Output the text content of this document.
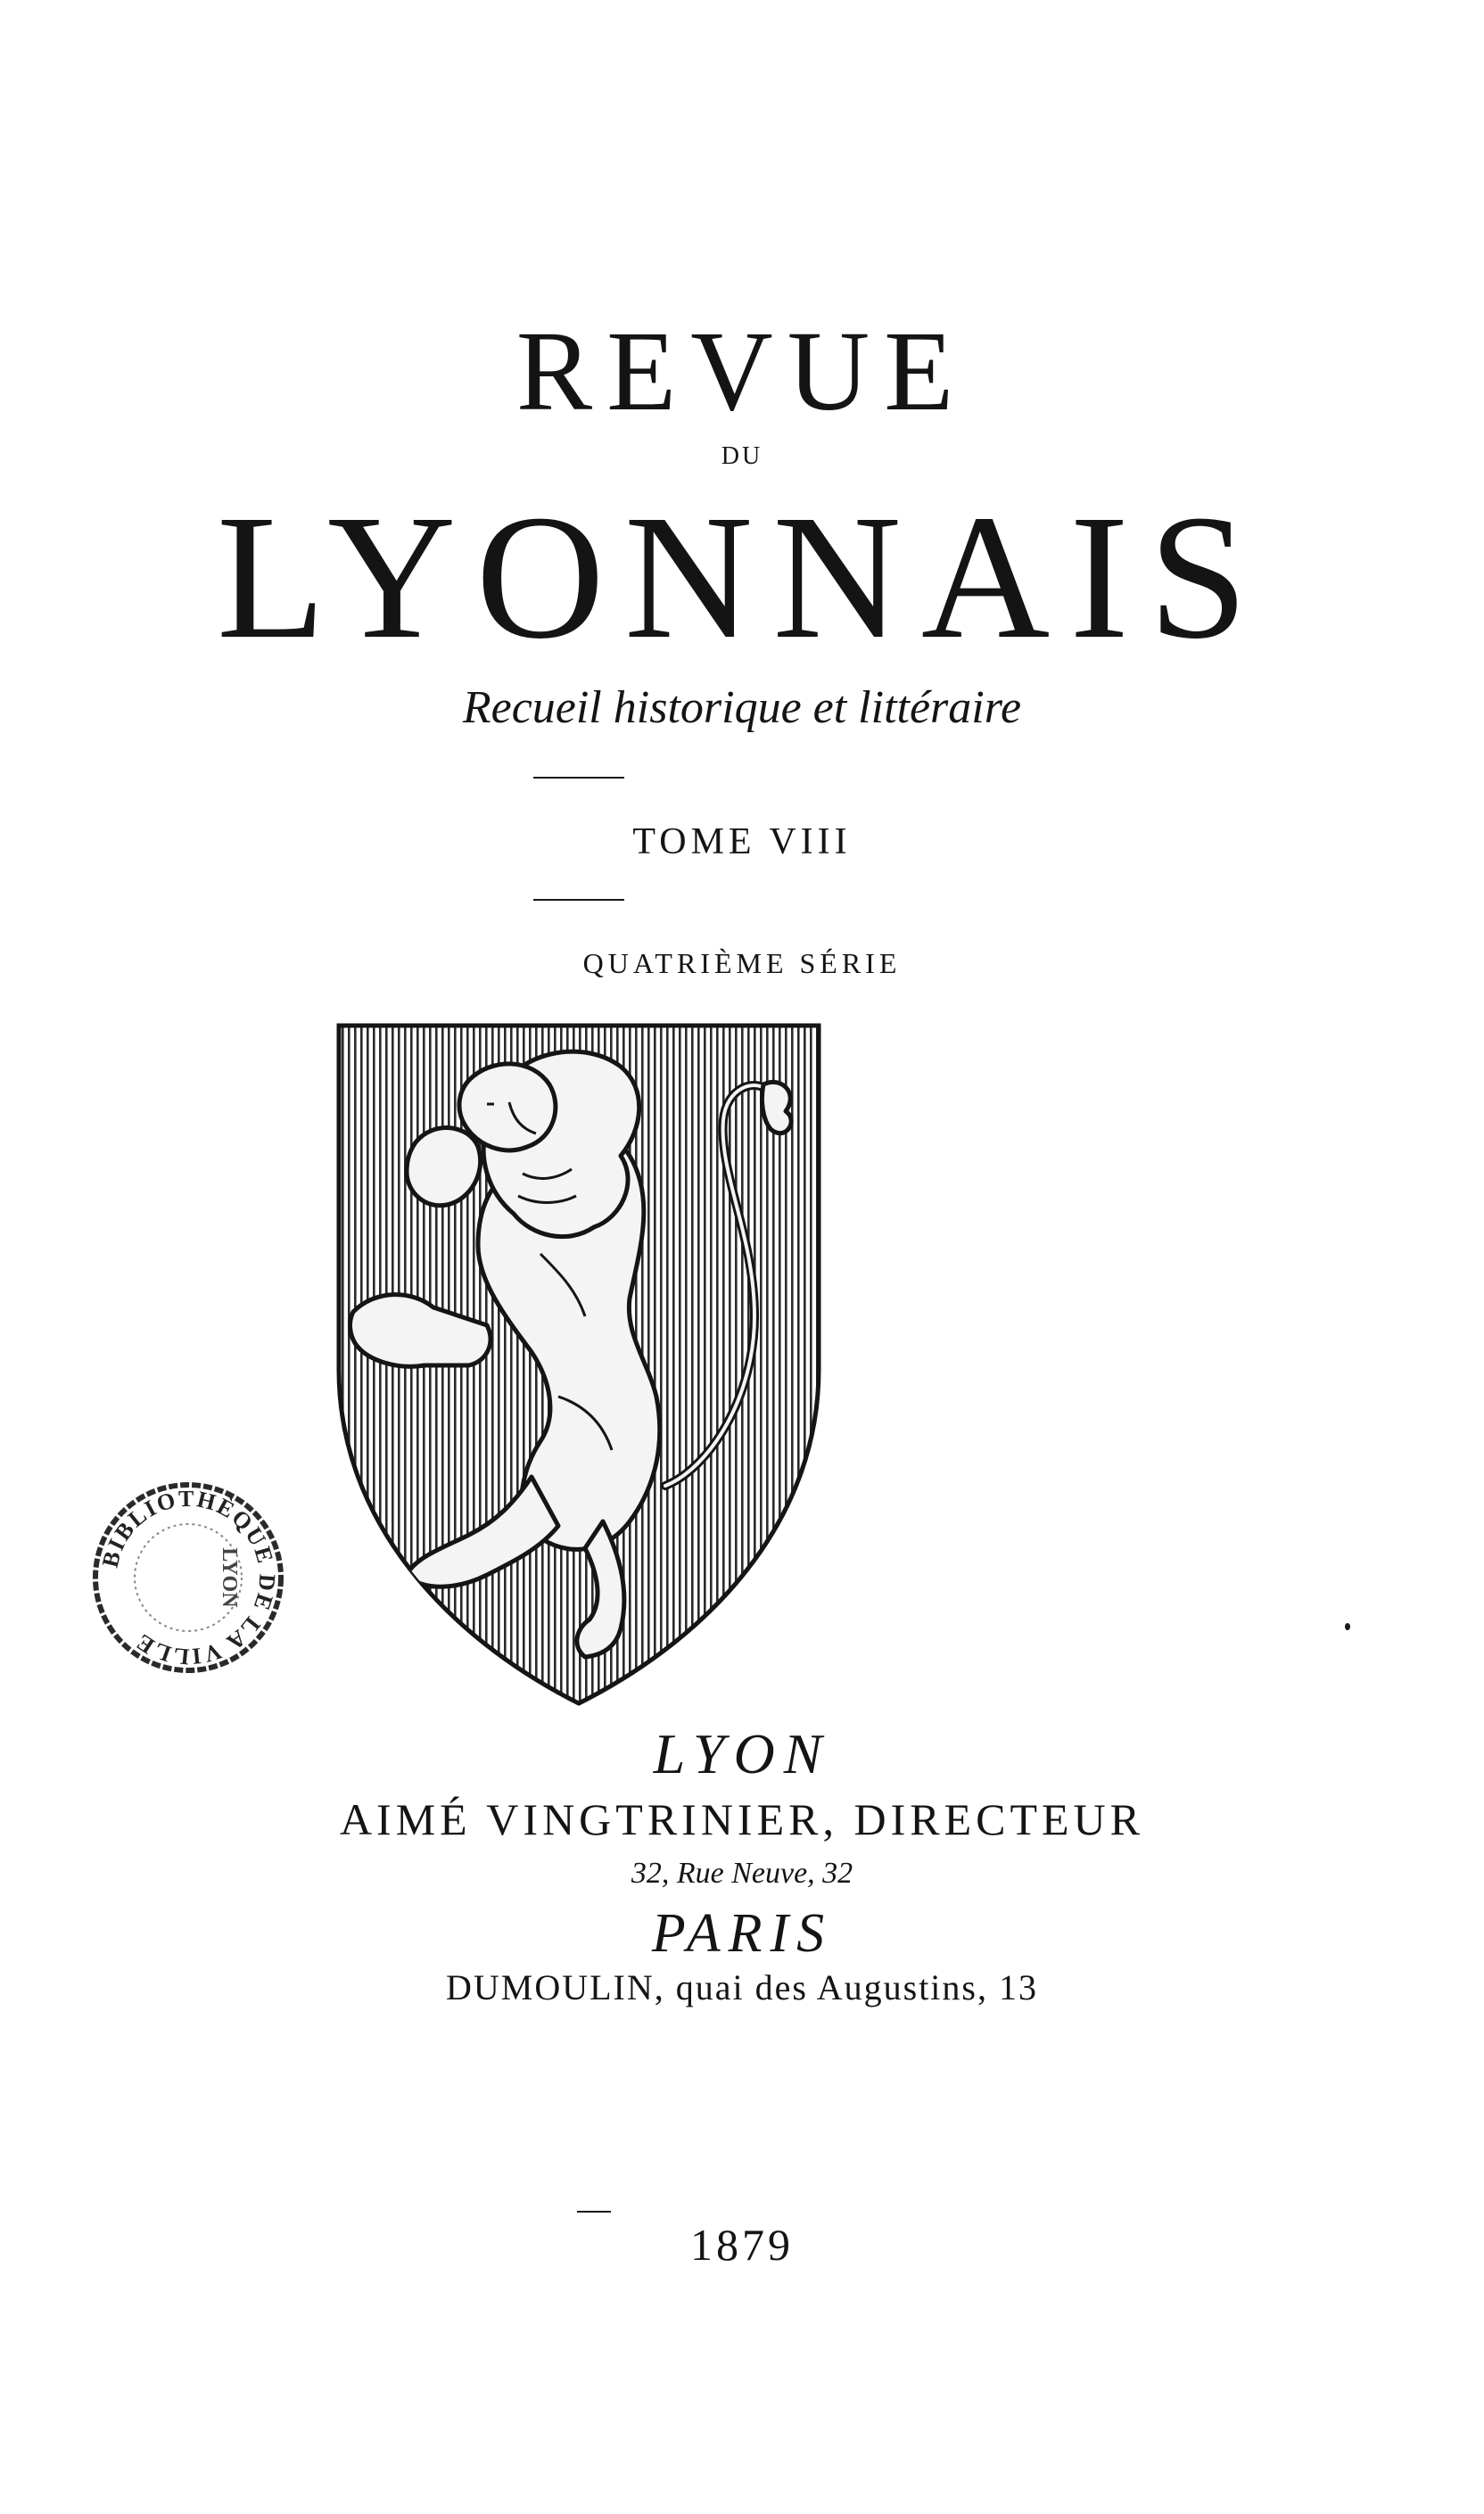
REVUE
DU
LYONNAIS
Recueil historique et littéraire
TOME VIII
QUATRIÈME SÉRIE
BIBLIOTHÈQUE DE LA VILLE
LYON
LYON
AIMÉ VINGTRINIER, DIRECTEUR
32, Rue Neuve, 32
PARIS
DUMOULIN, quai des Augustins, 13
1879
